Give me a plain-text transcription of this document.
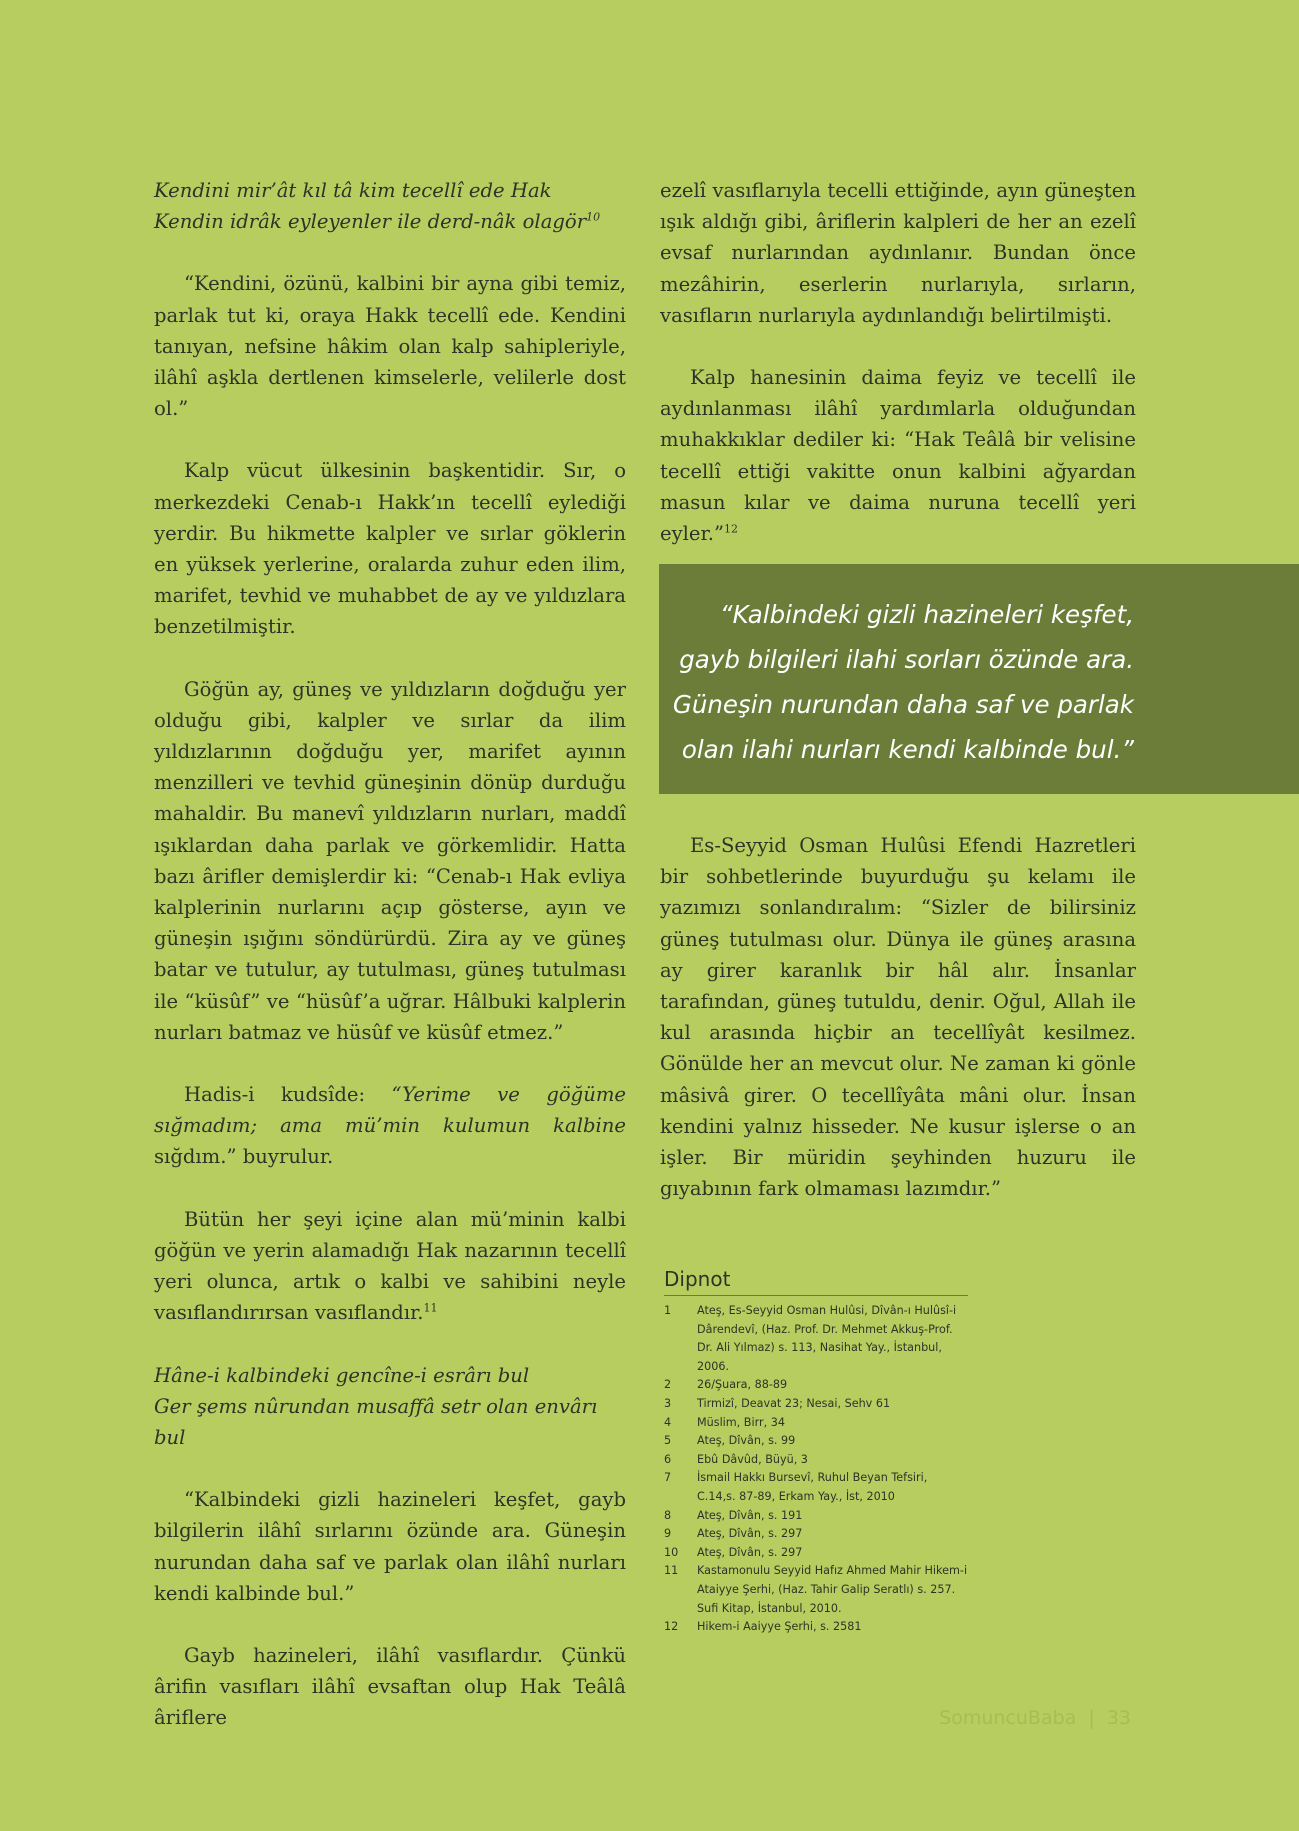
Kendini mir’ât kıl tâ kim tecellî ede Hak

Kendin idrâk eyleyenler ile derd-nâk olagör$^{10}$

“Kendini, özünü, kalbini bir ayna gibi temiz, parlak tut ki, oraya Hakk tecellî ede. Kendini tanıyan, nefsine hâkim olan kalp sahipleriyle, ilâhî aşkla dertlenen kimselerle, velilerle dost ol.”

Kalp vücut ülkesinin başkentidir. Sır, o merkezdeki Cenab-ı Hakk’ın tecellî eylediği yerdir. Bu hikmette kalpler ve sırlar göklerin en yüksek yerlerine, oralarda zuhur eden ilim, marifet, tevhid ve muhabbet de ay ve yıldızlara benzetilmiştir.

Göğün ay, güneş ve yıldızların doğduğu yer olduğu gibi, kalpler ve sırlar da ilim yıldızlarının doğduğu yer, marifet ayının menzilleri ve tevhid güneşinin dönüp durduğu mahaldir. Bu manevî yıldızların nurları, maddî ışıklardan daha parlak ve görkemlidir. Hatta bazı ârifler demişlerdir ki: “Cenab-ı Hak evliya kalplerinin nurlarını açıp gösterse, ayın ve güneşin ışığını söndürürdü. Zira ay ve güneş batar ve tutulur, ay tutulması, güneş tutulması ile “küsûf” ve “hüsûf’a uğrar. Hâlbuki kalplerin nurları batmaz ve hüsûf ve küsûf etmez.”

Hadis-i kudsîde: “Yerime ve göğüme sığmadım; ama mü’min kulumun kalbine sığdım.” buyrulur.

Bütün her şeyi içine alan mü’minin kalbi göğün ve yerin alamadığı Hak nazarının tecellî yeri olunca, artık o kalbi ve sahibini neyle vasıflandırırsan vasıflandır.$^{11}$

Hâne-i kalbindeki gencîne-i esrârı bul

Ger şems nûrundan musaffâ setr olan envârı bul

“Kalbindeki gizli hazineleri keşfet, gayb bilgilerin ilâhî sırlarını özünde ara. Güneşin nurundan daha saf ve parlak olan ilâhî nurları kendi kalbinde bul.”

Gayb hazineleri, ilâhî vasıflardır. Çünkü ârifin vasıfları ilâhî evsaftan olup Hak Teâlâ âriflere

ezelî vasıflarıyla tecelli ettiğinde, ayın güneşten ışık aldığı gibi, âriflerin kalpleri de her an ezelî evsaf nurlarından aydınlanır. Bundan önce mezâhirin, eserlerin nurlarıyla, sırların, vasıfların nurlarıyla aydınlandığı belirtilmişti.

Kalp hanesinin daima feyiz ve tecellî ile aydınlanması ilâhî yardımlarla olduğundan muhakkıklar dediler ki: “Hak Teâlâ bir velisine tecellî ettiği vakitte onun kalbini ağyardan masun kılar ve daima nuruna tecellî yeri eyler.”$^{12}$

“Kalbindeki gizli hazineleri keşfet,
gayb bilgileri ilahi sorları özünde ara.
Güneşin nurundan daha saf ve parlak
olan ilahi nurları kendi kalbinde bul.”

Es-Seyyid Osman Hulûsi Efendi Hazretleri bir sohbetlerinde buyurduğu şu kelamı ile yazımızı sonlandıralım: “Sizler de bilirsiniz güneş tutulması olur. Dünya ile güneş arasına ay girer karanlık bir hâl alır. İnsanlar tarafından, güneş tutuldu, denir. Oğul, Allah ile kul arasında hiçbir an tecellîyât kesilmez. Gönülde her an mevcut olur. Ne zaman ki gönle mâsivâ girer. O tecellîyâta mâni olur. İnsan kendini yalnız hisseder. Ne kusur işlerse o an işler. Bir müridin şeyhinden huzuru ile gıyabının fark olmaması lazımdır.”

Dipnot
1	Ateş, Es-Seyyid Osman Hulûsi, Dîvân-ı Hulûsî-i Dârendevî, (Haz. Prof. Dr. Mehmet Akkuş-Prof. Dr. Ali Yılmaz) s. 113, Nasihat Yay., İstanbul, 2006.
2	26/Şuara, 88-89
3	Tirmizî, Deavat 23; Nesai, Sehv 61
4	Müslim, Birr, 34
5	Ateş, Dîvân, s. 99
6	Ebû Dâvûd, Büyü, 3
7	İsmail Hakkı Bursevî, Ruhul Beyan Tefsiri, C.14,s. 87-89, Erkam Yay., İst, 2010
8	Ateş, Dîvân, s. 191
9	Ateş, Dîvân, s. 297
10	Ateş, Dîvân, s. 297
11	Kastamonulu Seyyid Hafız Ahmed Mahir Hikem-i Ataiyye Şerhi, (Haz. Tahir Galip Seratlı) s. 257. Sufi Kitap, İstanbul, 2010.
12	Hikem-i Aaiyye Şerhi, s. 2581
SomuncuBaba | 33
